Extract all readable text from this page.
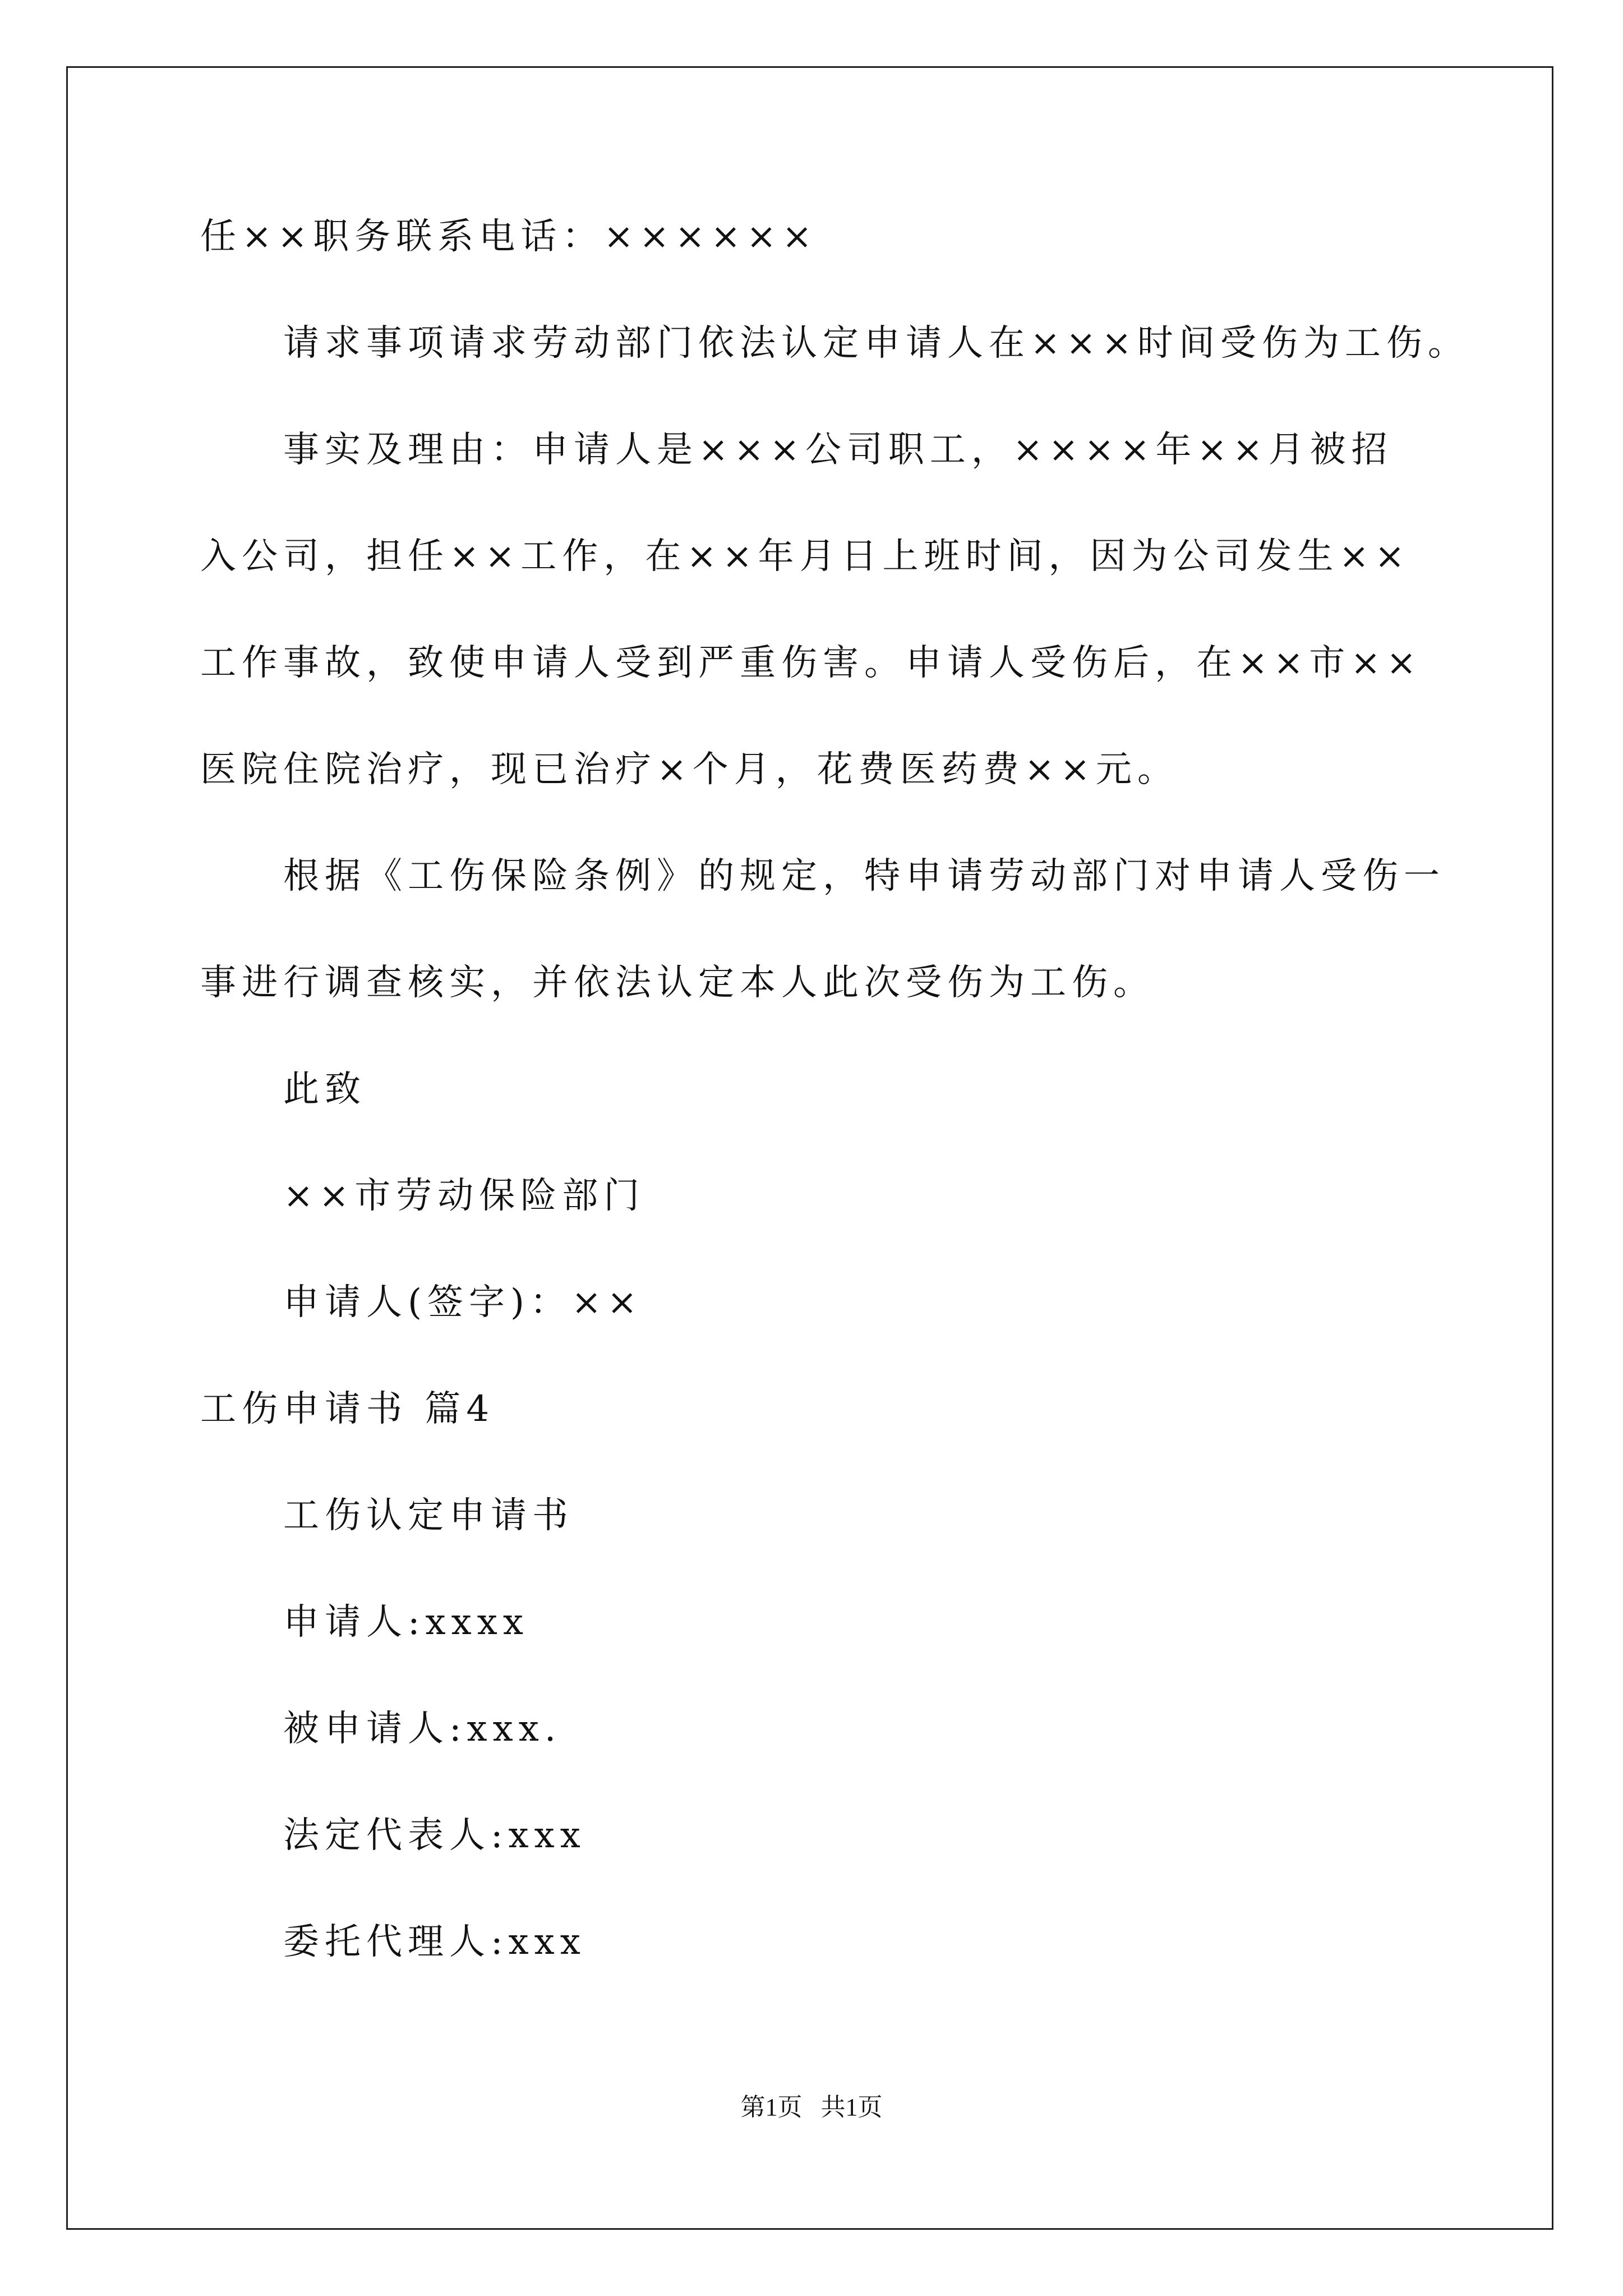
任××职务联系电话：××××××
请求事项请求劳动部门依法认定申请人在×××时间受伤为工伤。
事实及理由：申请人是×××公司职工，××××年××月被招
入公司，担任××工作，在××年月日上班时间，因为公司发生××
工作事故，致使申请人受到严重伤害。申请人受伤后，在××市××
医院住院治疗，现已治疗×个月，花费医药费××元。
根据《工伤保险条例》的规定，特申请劳动部门对申请人受伤一
事进行调查核实，并依法认定本人此次受伤为工伤。
此致
××市劳动保险部门
申请人(签字)：××
工伤申请书 篇4
工伤认定申请书
申请人:xxxx
被申请人:xxx.
法定代表人:xxx
委托代理人:xxx
第1页   共1页
